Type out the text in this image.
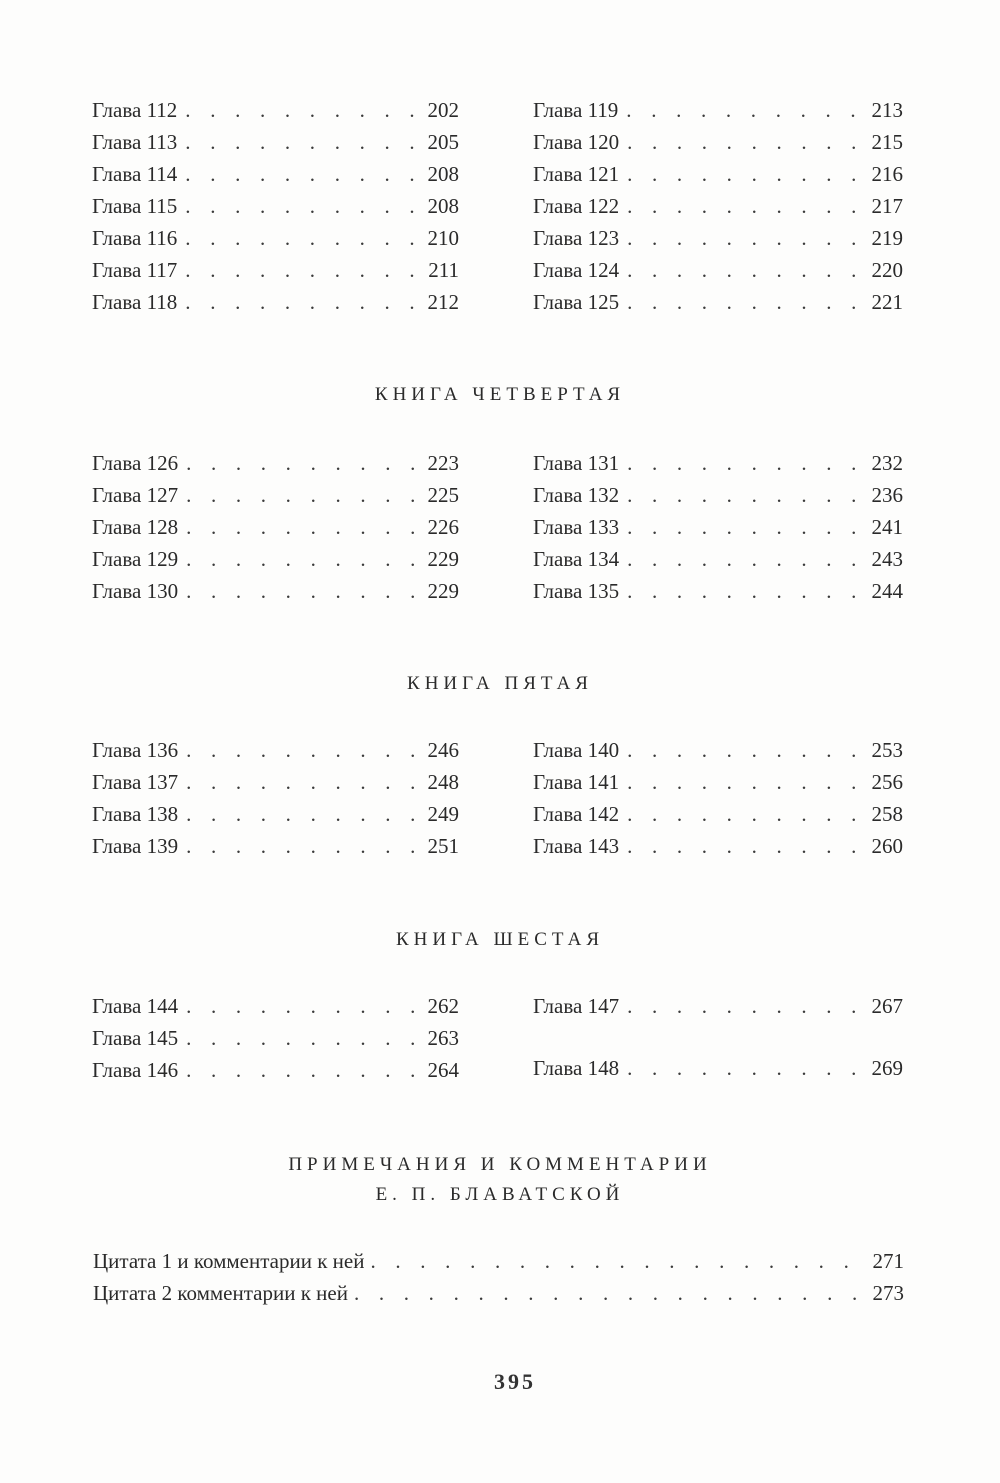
Глава 112 . . .	202
Глава 113 . . .	205
Глава 114 . . .	208
Глава 115 . . .	208
Глава 116 . . .	210
Глава 117 . . .	211
Глава 118 . . .	212
Глава 119 . . .	213
Глава 120 . . .	215
Глава 121 . . .	216
Глава 122 . . .	217
Глава 123 . . .	219
Глава 124 . . .	220
Глава 125 . . .	221
КНИГА ЧЕТВЕРТАЯ
Глава 126 . . .	223
Глава 127 . . .	225
Глава 128 . . .	226
Глава 129 . . .	229
Глава 130 . . .	229
Глава 131 . . .	232
Глава 132 . . .	236
Глава 133 . . .	241
Глава 134 . . .	243
Глава 135 . . .	244
КНИГА ПЯТАЯ
Глава 136 . . .	246
Глава 137 . . .	248
Глава 138 . . .	249
Глава 139 . . .	251
Глава 140 . . .	253
Глава 141 . . .	256
Глава 142 . . .	258
Глава 143 . . .	260
КНИГА ШЕСТАЯ
Глава 144 . . .	262
Глава 145 . . .	263
Глава 146 . . .	264
Глава 147 . . .	267
Глава 148 . . .	269
ПРИМЕЧАНИЯ И КОММЕНТАРИИ
Е. П. БЛАВАТСКОЙ
Цитата 1 и комментарии к ней . . .	271
Цитата 2 комментарии к ней . . .	273
395
